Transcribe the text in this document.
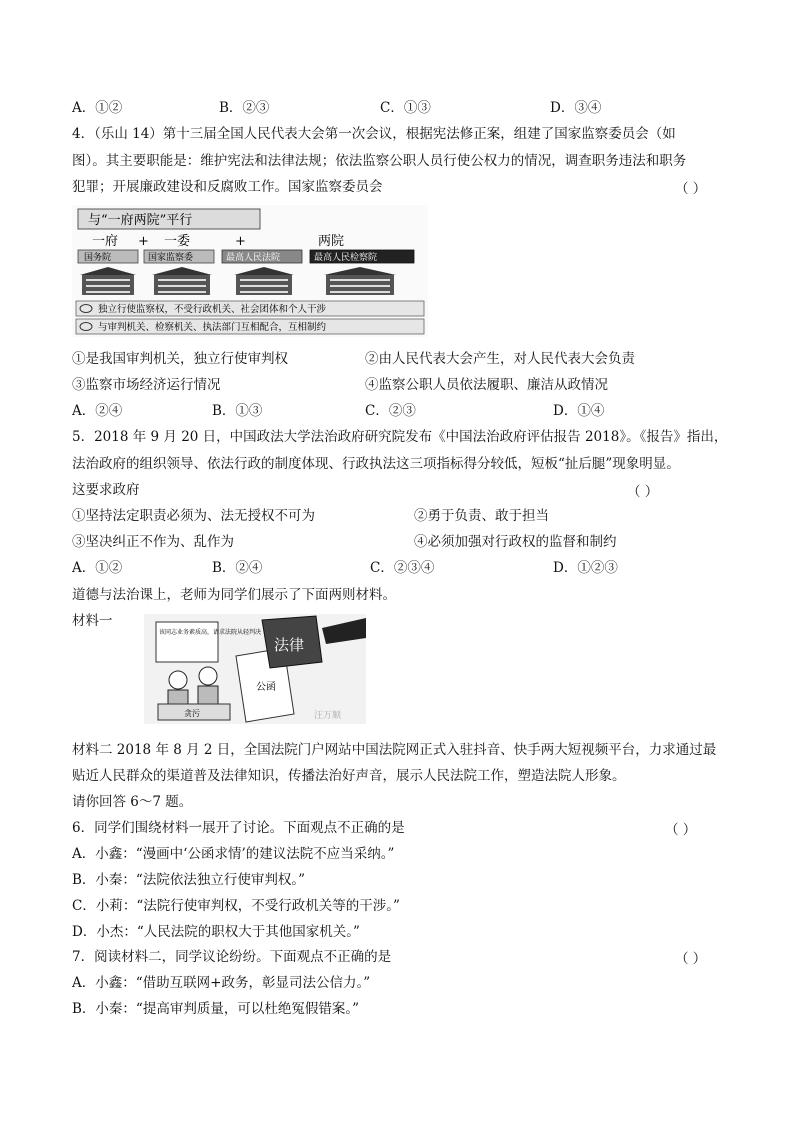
A．①②	B．②③	C．①③	D．③④
4．（乐山 14）第十三届全国人民代表大会第一次会议，根据宪法修正案，组建了国家监察委员会（如
图）。其主要职能是：维护宪法和法律法规；依法监察公职人员行使公权力的情况，调查职务违法和职务
犯罪；开展廉政建设和反腐败工作。国家监察委员会	（ ）
与“一府两院”平行
一府 + 一委	+	两院
国务院	国家监察委	最高人民法院	最高人民检察院
独立行使监察权，不受行政机关、社会团体和个人干涉
与审判机关、检察机关、执法部门互相配合，互相制约
①是我国审判机关，独立行使审判权	②由人民代表大会产生，对人民代表大会负责
③监察市场经济运行情况	④监察公职人员依法履职、廉洁从政情况
A．②④	B．①③	C．②③	D．①④
5．2018 年 9 月 20 日，中国政法大学法治政府研究院发布《中国法治政府评估报告 2018》。《报告》指出，
法治政府的组织领导、依法行政的制度体现、行政执法这三项指标得分较低，短板“扯后腿”现象明显。
这要求政府	（ ）
①坚持法定职责必须为、法无授权不可为	②勇于负责、敢于担当
③坚决纠正不作为、乱作为	④必须加强对行政权的监督和制约
A．①②	B．②④	C．②③④	D．①②③
道德与法治课上，老师为同学们展示了下面两则材料。
材料一
该同志业务素质高，请求法院从轻判决
贪污
公函
法律
汪万顺
材料二 2018 年 8 月 2 日，全国法院门户网站中国法院网正式入驻抖音、快手两大短视频平台，力求通过最
贴近人民群众的渠道普及法律知识，传播法治好声音，展示人民法院工作，塑造法院人形象。
请你回答 6～7 题。
6．同学们围绕材料一展开了讨论。下面观点不正确的是	（ ）
A．小鑫：“漫画中‘公函求情’的建议法院不应当采纳。”
B．小秦：“法院依法独立行使审判权。”
C．小莉：“法院行使审判权，不受行政机关等的干涉。”
D．小杰：“人民法院的职权大于其他国家机关。”
7．阅读材料二，同学议论纷纷。下面观点不正确的是	（ ）
A．小鑫：“借助互联网+政务，彰显司法公信力。”
B．小秦：“提高审判质量，可以杜绝冤假错案。”
